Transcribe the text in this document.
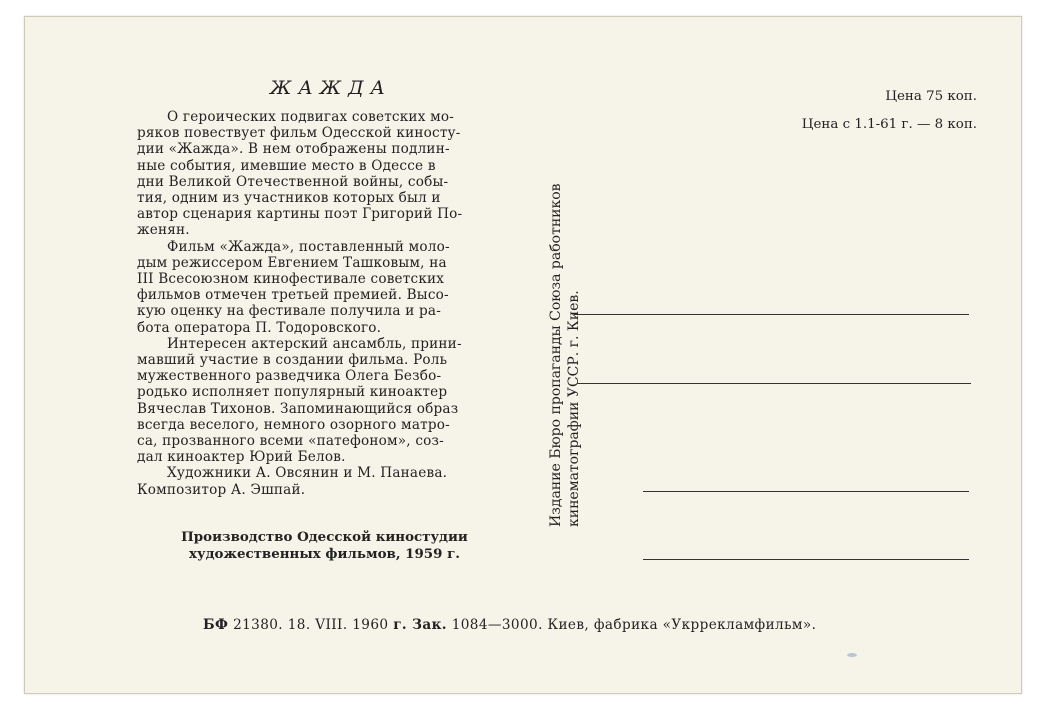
ЖАЖДА
О героических подвигах советских мо-
ряков повествует фильм Одесской киносту-
дии «Жажда». В нем отображены подлин-
ные события, имевшие место в Одессе в
дни Великой Отечественной войны, собы-
тия, одним из участников которых был и
автор сценария картины поэт Григорий По-
женян.
Фильм «Жажда», поставленный моло-
дым режиссером Евгением Ташковым, на
III Всесоюзном кинофестивале советских
фильмов отмечен третьей премией. Высо-
кую оценку на фестивале получила и ра-
бота оператора П. Тодоровского.
Интересен актерский ансамбль, прини-
мавший участие в создании фильма. Роль
мужественного разведчика Олега Безбо-
родько исполняет популярный киноактер
Вячеслав Тихонов. Запоминающийся образ
всегда веселого, немного озорного матро-
са, прозванного всеми «патефоном», соз-
дал киноактер Юрий Белов.
Художники А. Овсянин и М. Панаева.
Композитор А. Эшпай.
Производство Одесской киностудии
художественных фильмов, 1959 г.
Издание Бюро пропаганды Союза работников кинематографии УССР. г. Киев.
Цена 75 коп.
Цена с 1.1-61 г. — 8 коп.
БФ 21380. 18. VIII. 1960 г. Зак. 1084—3000. Киев, фабрика «Укррекламфильм».
